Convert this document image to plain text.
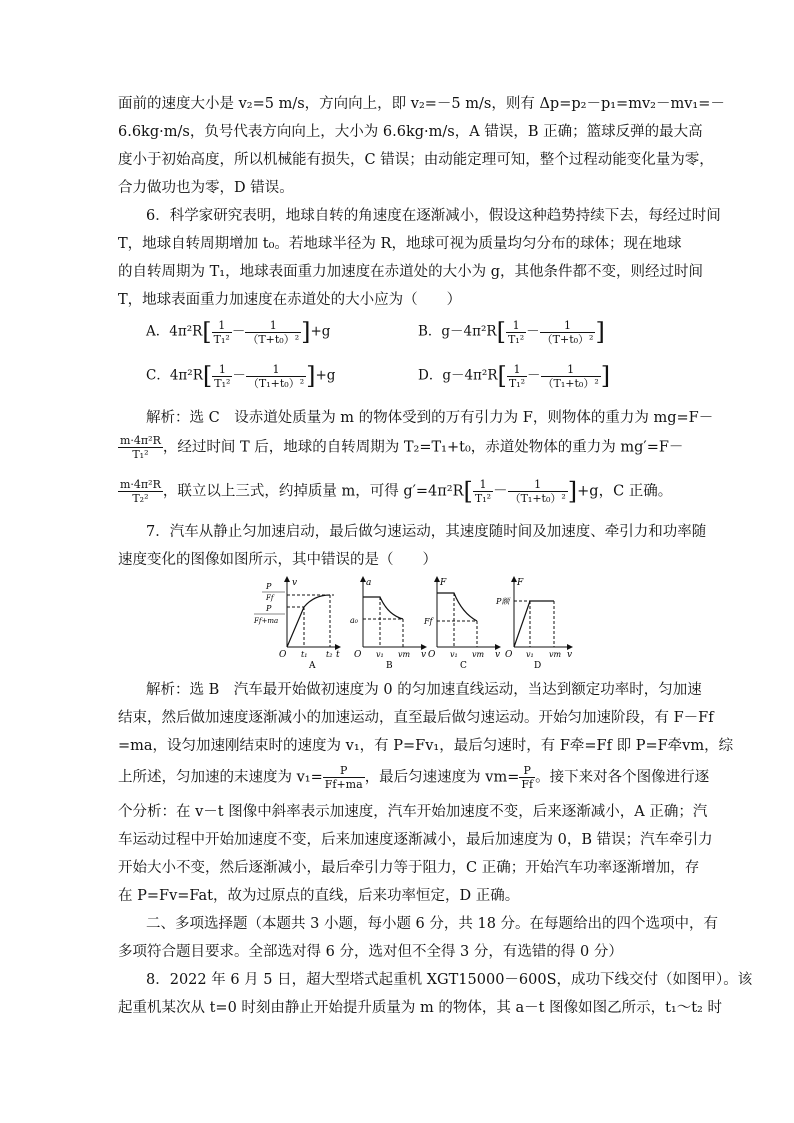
面前的速度大小是 v₂=5 m/s，方向向上，即 v₂=－5 m/s，则有 Δp=p₂－p₁=mv₂－mv₁=－
6.6kg·m/s，负号代表方向向上，大小为 6.6kg·m/s，A 错误，B 正确；篮球反弹的最大高
度小于初始高度，所以机械能有损失，C 错误；由动能定理可知，整个过程动能变化量为零，
合力做功也为零，D 错误。
6．科学家研究表明，地球自转的角速度在逐渐减小，假设这种趋势持续下去，每经过时间
T，地球自转周期增加 t₀。若地球半径为 R，地球可视为质量均匀分布的球体；现在地球
的自转周期为 T₁，地球表面重力加速度在赤道处的大小为 g，其他条件都不变，则经过时间
T，地球表面重力加速度在赤道处的大小应为（　　）
A．$4\pi^2R[ \frac{1}{\text{T₁²}} - \frac{1}{\text{（T+t₀）²}} ]+g$	B．$g-4\pi^2R[ \frac{1}{\text{T₁²}} - \frac{1}{\text{（T+t₀）²}}$ ]
C．$4\pi^2R[ \frac{1}{\text{T₁²}} - \frac{1}{\text{（T₁+t₀）²}} ]+g$	D．$g-4\pi^2R[ \frac{1}{\text{T₁²}} - \frac{1}{\text{（T₁+t₀）²}}$ ]
解析：选 C　设赤道处质量为 m 的物体受到的万有引力为 F，则物体的重力为 mg=F－
$\frac{\text{m·4π²R}}{\text{T₁²}}$ ，经过时间 T 后，地球的自转周期为 T₂=T₁+t₀，赤道处物体的重力为 mg′=F－
$\frac{\text{m·4π²R}}{\text{T₂²}}$ ，联立以上三式，约掉质量 m，可得 $g'=4\pi^2R[ \frac{1}{\text{T₁²}} - \frac{1}{\text{（T₁+t₀）²}} ]+g$，C 正确。
7．汽车从静止匀加速启动，最后做匀速运动，其速度随时间及加速度、牵引力和功率随
速度变化的图像如图所示，其中错误的是（　　）
v
t
O
P
Ff
P
Ff+ma
t₁ t₂
A
a
v
O
a₀
v₁ vm
B
F
v
O
Ff
v₁ vm
C
F
v
O
P额
v₁ vm
D
解析：选 B　汽车最开始做初速度为 0 的匀加速直线运动，当达到额定功率时，匀加速
结束，然后做加速度逐渐减小的加速运动，直至最后做匀速运动。开始匀加速阶段，有 F－Ff
=ma，设匀加速刚结束时的速度为 v₁，有 P=Fv₁，最后匀速时，有 F牵=Ff 即 P=F牵vm，综
上所述，匀加速的末速度为 $v_1= \frac{P}{Ff+ma}$ ，最后匀速速度为 $vm= \frac{P}{Ff}$ 。接下来对各个图像进行逐
个分析：在 v－t 图像中斜率表示加速度，汽车开始加速度不变，后来逐渐减小，A 正确；汽
车运动过程中开始加速度不变，后来加速度逐渐减小，最后加速度为 0，B 错误；汽车牵引力
开始大小不变，然后逐渐减小，最后牵引力等于阻力，C 正确；开始汽车功率逐渐增加，存
在 P=Fv=Fat，故为过原点的直线，后来功率恒定，D 正确。
二、多项选择题（本题共 3 小题，每小题 6 分，共 18 分。在每题给出的四个选项中，有
多项符合题目要求。全部选对得 6 分，选对但不全得 3 分，有选错的得 0 分）
8．2022 年 6 月 5 日，超大型塔式起重机 XGT15000－600S，成功下线交付（如图甲）。该
起重机某次从 t=0 时刻由静止开始提升质量为 m 的物体，其 a－t 图像如图乙所示，t₁～t₂ 时
